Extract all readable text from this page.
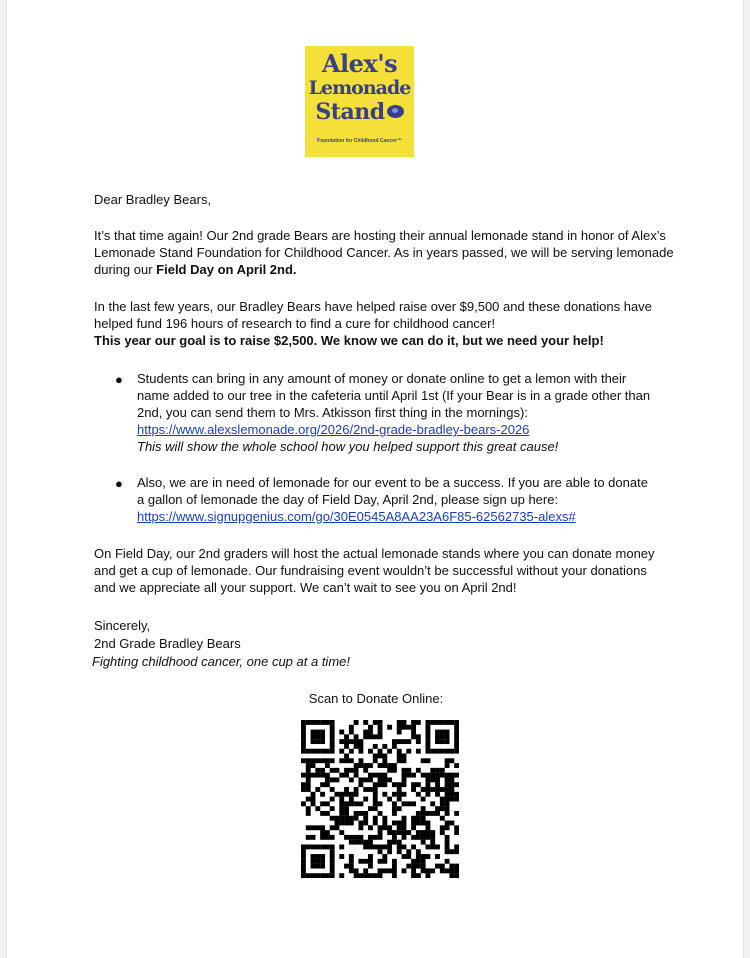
Alex's
Lemonade
Stand
Foundation for Childhood Cancer™
Dear Bradley Bears,
It’s that time again! Our 2nd grade Bears are hosting their annual lemonade stand in honor of Alex’s Lemonade Stand Foundation for Childhood Cancer. As in years passed, we will be serving lemonade during our Field Day on April 2nd.
In the last few years, our Bradley Bears have helped raise over $9,500 and these donations have helped fund 196 hours of research to find a cure for childhood cancer!
This year our goal is to raise $2,500. We know we can do it, but we need your help!
● Students can bring in any amount of money or donate online to get a lemon with their name added to our tree in the cafeteria until April 1st (If your Bear is in a grade other than 2nd, you can send them to Mrs. Atkisson first thing in the mornings): https://www.alexslemonade.org/2026/2nd-grade-bradley-bears-2026
This will show the whole school how you helped support this great cause!
● Also, we are in need of lemonade for our event to be a success. If you are able to donate a gallon of lemonade the day of Field Day, April 2nd, please sign up here:
https://www.signupgenius.com/go/30E0545A8AA23A6F85-62562735-alexs#
On Field Day, our 2nd graders will host the actual lemonade stands where you can donate money and get a cup of lemonade. Our fundraising event wouldn’t be successful without your donations and we appreciate all your support. We can’t wait to see you on April 2nd!
Sincerely,
2nd Grade Bradley Bears
Fighting childhood cancer, one cup at a time!
Scan to Donate Online:
